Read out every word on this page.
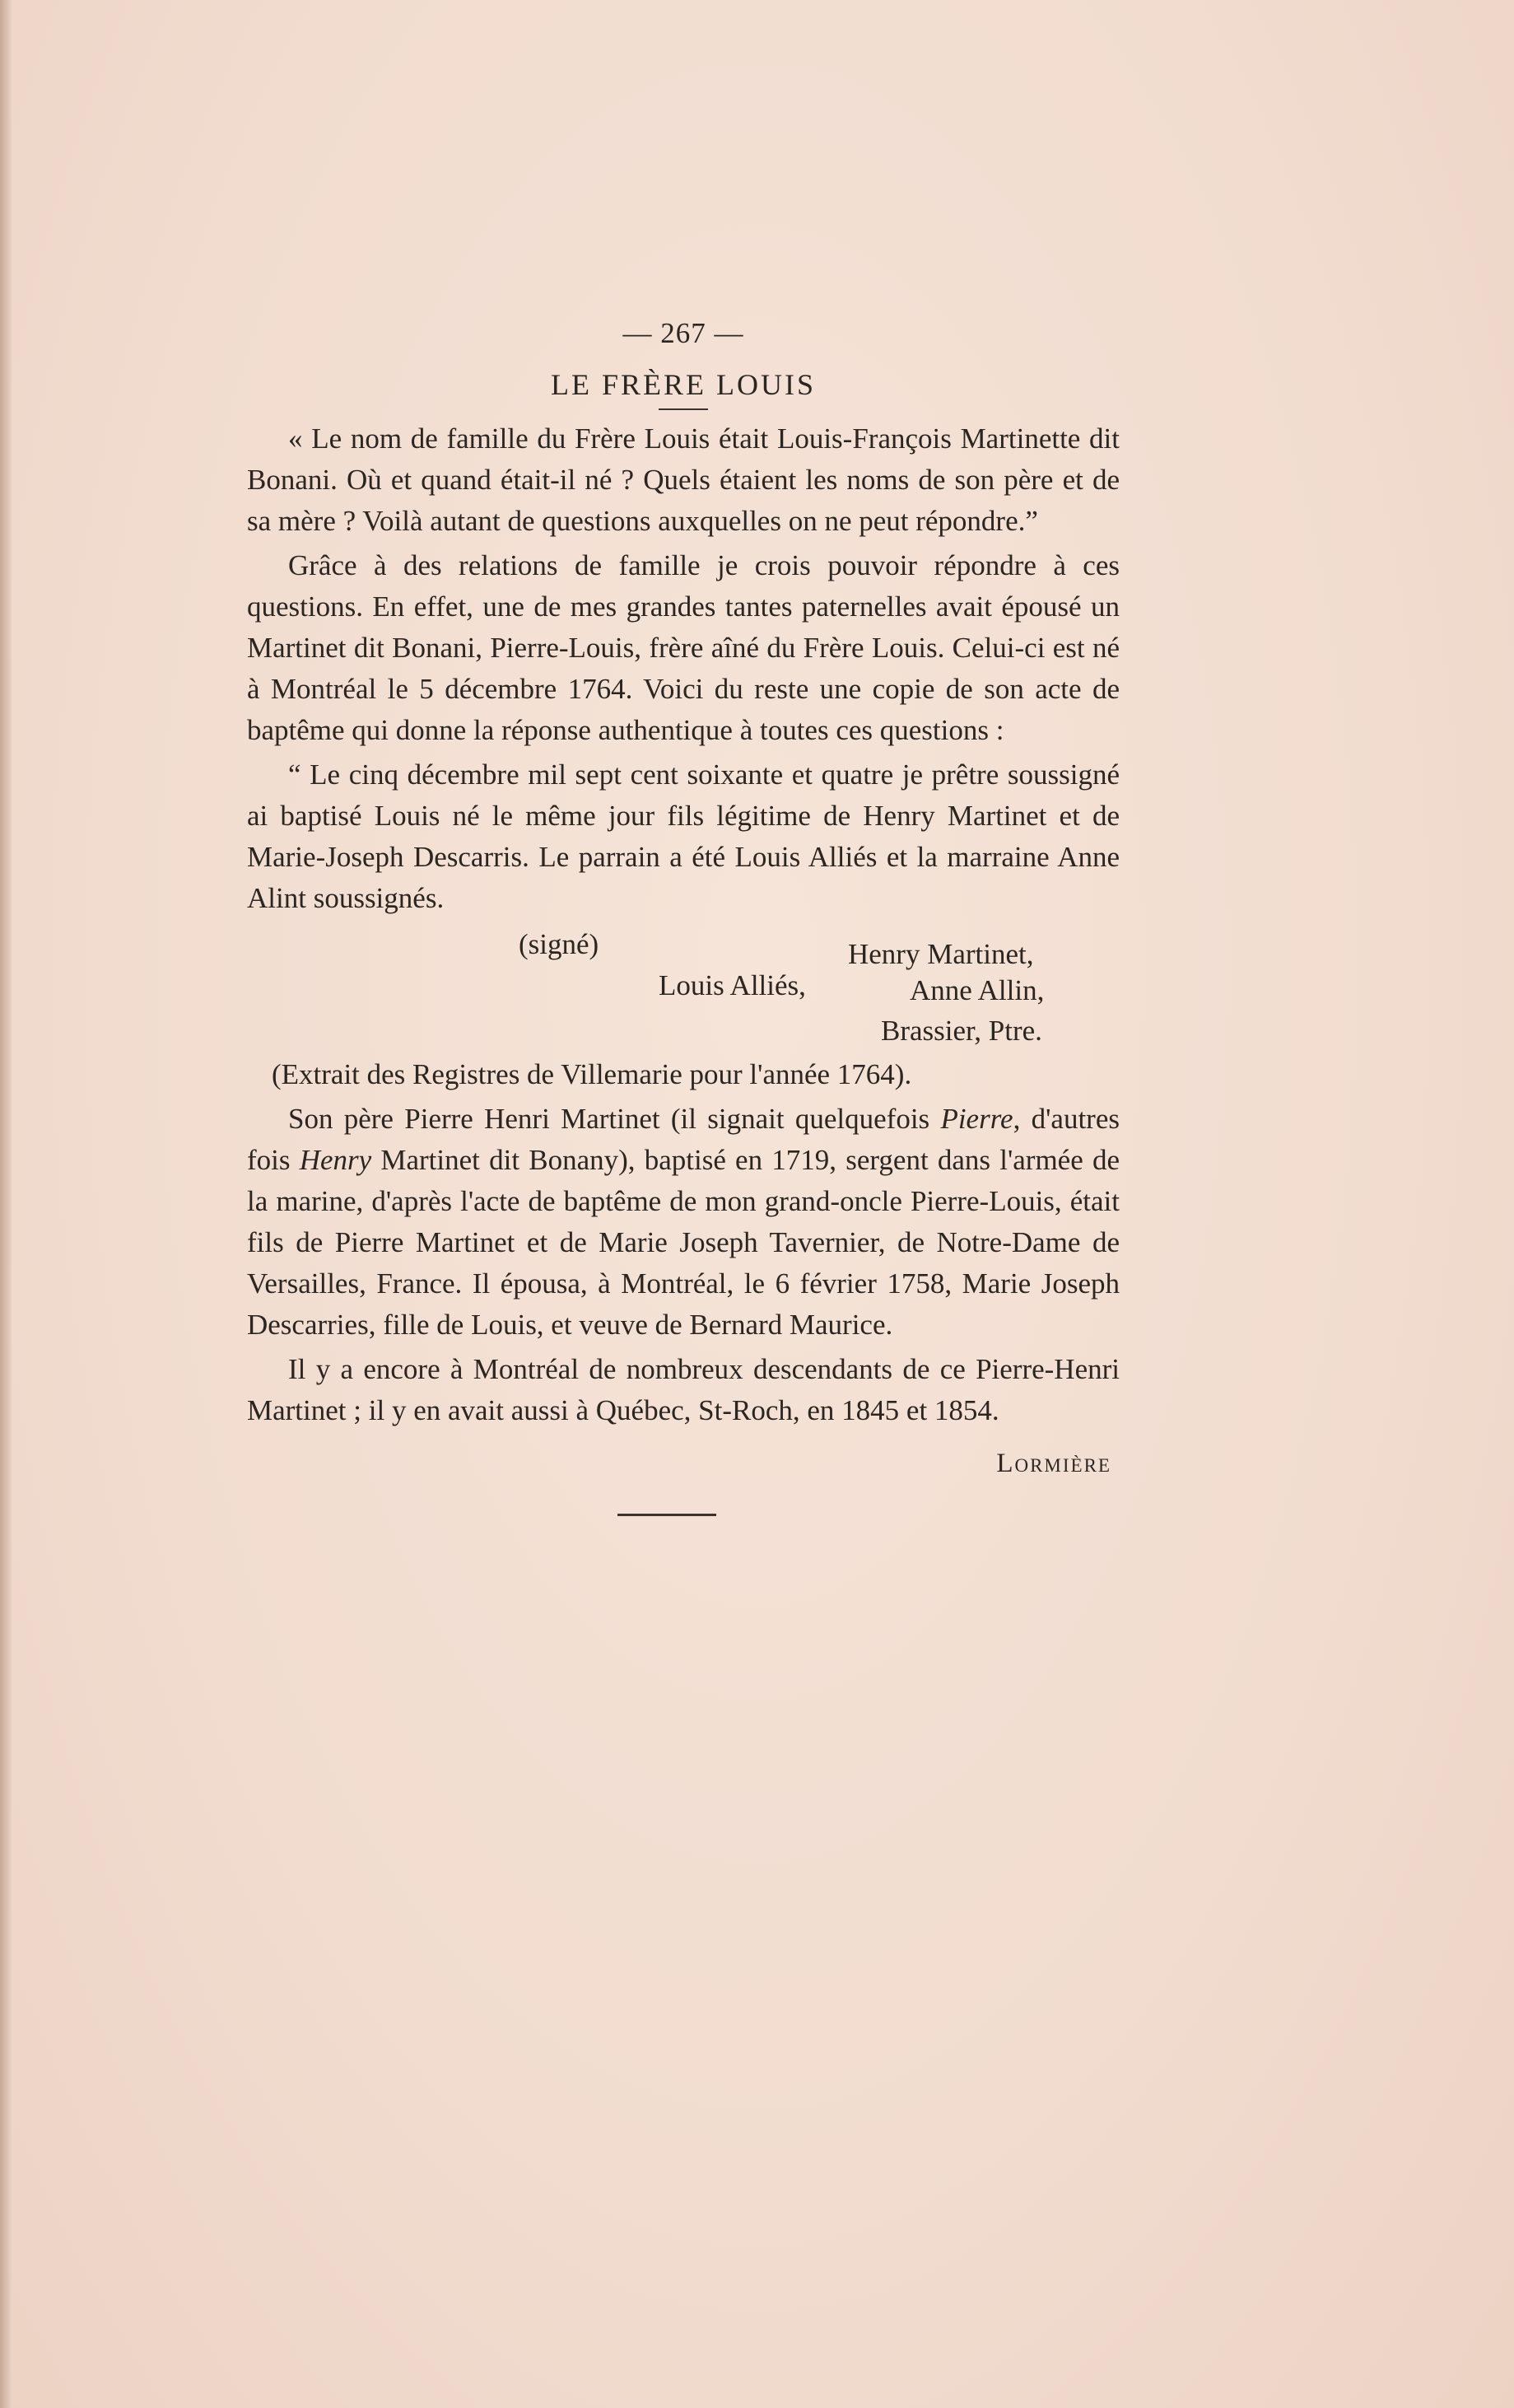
— 267 —
LE FRÈRE LOUIS

« Le nom de famille du Frère Louis était Louis-François Martinette dit Bonani. Où et quand était-il né ? Quels étaient les noms de son père et de sa mère ? Voilà autant de questions auxquelles on ne peut répondre.”

Grâce à des relations de famille je crois pouvoir répondre à ces questions. En effet, une de mes grandes tantes paternelles avait épousé un Martinet dit Bonani, Pierre-Louis, frère aîné du Frère Louis. Celui-ci est né à Montréal le 5 décembre 1764. Voici du reste une copie de son acte de baptême qui donne la réponse authentique à toutes ces questions :

“ Le cinq décembre mil sept cent soixante et quatre je prêtre soussigné ai baptisé Louis né le même jour fils légitime de Henry Martinet et de Marie-Joseph Descarris. Le parrain a été Louis Alliés et la marraine Anne Alint soussignés.

(signé)	Henry Martinet,
Louis Alliés,	Anne Allin,
Brassier, Ptre.

(Extrait des Registres de Villemarie pour l'année 1764).

Son père Pierre Henri Martinet (il signait quelquefois Pierre, d'autres fois Henry Martinet dit Bonany), baptisé en 1719, sergent dans l'armée de la marine, d'après l'acte de baptême de mon grand-oncle Pierre-Louis, était fils de Pierre Martinet et de Marie Joseph Tavernier, de Notre-Dame de Versailles, France. Il épousa, à Montréal, le 6 février 1758, Marie Joseph Descarries, fille de Louis, et veuve de Bernard Maurice.

Il y a encore à Montréal de nombreux descendants de ce Pierre-Henri Martinet ; il y en avait aussi à Québec, St-Roch, en 1845 et 1854.

Lormière
